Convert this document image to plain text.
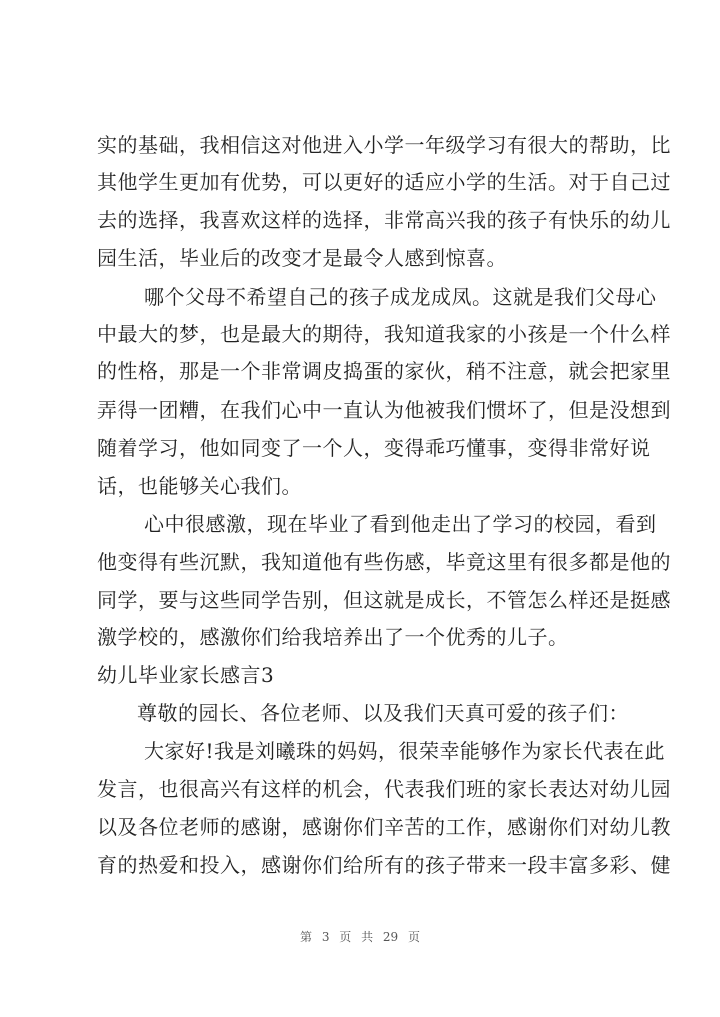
实的基础，我相信这对他进入小学一年级学习有很大的帮助，比
其他学生更加有优势，可以更好的适应小学的生活。对于自己过
去的选择，我喜欢这样的选择，非常高兴我的孩子有快乐的幼儿
园生活，毕业后的改变才是最令人感到惊喜。
哪个父母不希望自己的孩子成龙成凤。这就是我们父母心
中最大的梦，也是最大的期待，我知道我家的小孩是一个什么样
的性格，那是一个非常调皮捣蛋的家伙，稍不注意，就会把家里
弄得一团糟，在我们心中一直认为他被我们惯坏了，但是没想到
随着学习，他如同变了一个人，变得乖巧懂事，变得非常好说
话，也能够关心我们。
心中很感激，现在毕业了看到他走出了学习的校园，看到
他变得有些沉默，我知道他有些伤感，毕竟这里有很多都是他的
同学，要与这些同学告别，但这就是成长，不管怎么样还是挺感
激学校的，感激你们给我培养出了一个优秀的儿子。
幼儿毕业家长感言3
尊敬的园长、各位老师、以及我们天真可爱的孩子们：
大家好!我是刘曦珠的妈妈，很荣幸能够作为家长代表在此
发言，也很高兴有这样的机会，代表我们班的家长表达对幼儿园
以及各位老师的感谢，感谢你们辛苦的工作，感谢你们对幼儿教
育的热爱和投入，感谢你们给所有的孩子带来一段丰富多彩、健
第 3 页 共 29 页
